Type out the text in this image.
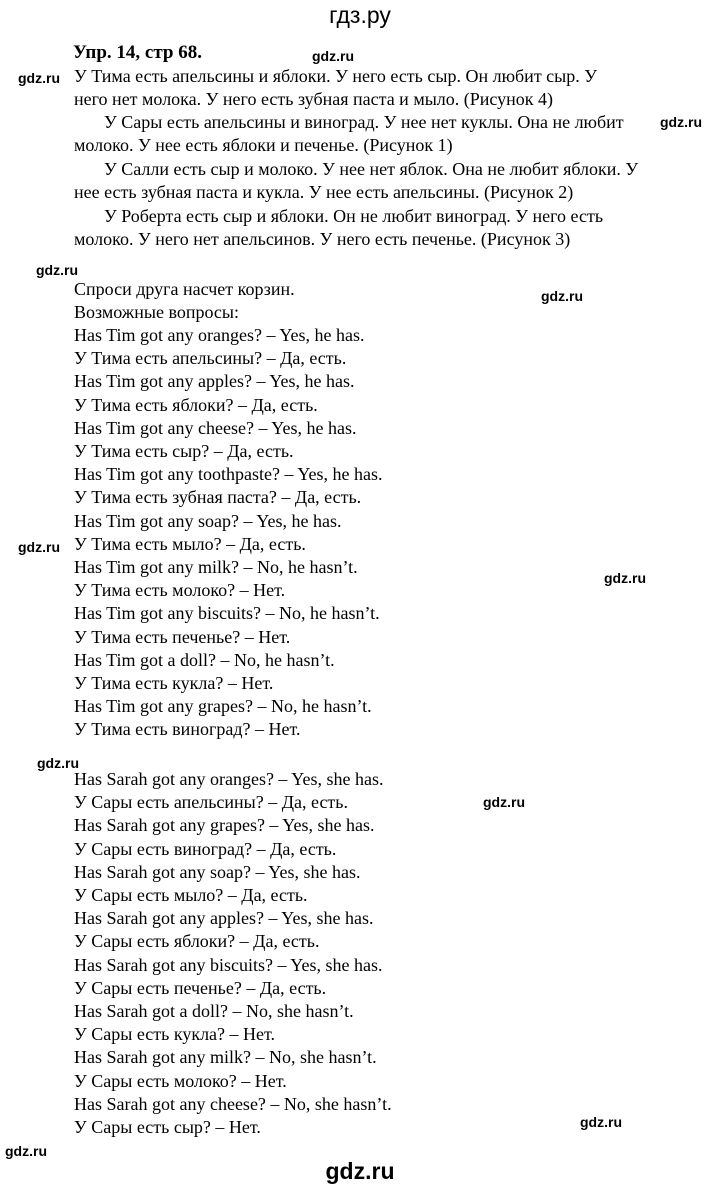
гдз.ру
gdz.ru
gdz.ru
gdz.ru
gdz.ru
gdz.ru
gdz.ru
gdz.ru
gdz.ru
gdz.ru
gdz.ru
gdz.ru
Упр. 14, стр 68.
У Тима есть апельсины и яблоки. У него есть сыр. Он любит сыр. У
него нет молока. У него есть зубная паста и мыло. (Рисунок 4)
У Сары есть апельсины и виноград. У нее нет куклы. Она не любит
молоко. У нее есть яблоки и печенье. (Рисунок 1)
У Салли есть сыр и молоко. У нее нет яблок. Она не любит яблоки. У
нее есть зубная паста и кукла. У нее есть апельсины. (Рисунок 2)
У Роберта есть сыр и яблоки. Он не любит виноград. У него есть
молоко. У него нет апельсинов. У него есть печенье. (Рисунок 3)
Спроси друга насчет корзин.
Возможные вопросы:
Has Tim got any oranges? – Yes, he has.
У Тима есть апельсины? – Да, есть.
Has Tim got any apples? – Yes, he has.
У Тима есть яблоки? – Да, есть.
Has Tim got any cheese? – Yes, he has.
У Тима есть сыр? – Да, есть.
Has Tim got any toothpaste? – Yes, he has.
У Тима есть зубная паста? – Да, есть.
Has Tim got any soap? – Yes, he has.
У Тима есть мыло? – Да, есть.
Has Tim got any milk? – No, he hasn’t.
У Тима есть молоко? – Нет.
Has Tim got any biscuits? – No, he hasn’t.
У Тима есть печенье? – Нет.
Has Tim got a doll? – No, he hasn’t.
У Тима есть кукла? – Нет.
Has Tim got any grapes? – No, he hasn’t.
У Тима есть виноград? – Нет.
Has Sarah got any oranges? – Yes, she has.
У Сары есть апельсины? – Да, есть.
Has Sarah got any grapes? – Yes, she has.
У Сары есть виноград? – Да, есть.
Has Sarah got any soap? – Yes, she has.
У Сары есть мыло? – Да, есть.
Has Sarah got any apples? – Yes, she has.
У Сары есть яблоки? – Да, есть.
Has Sarah got any biscuits? – Yes, she has.
У Сары есть печенье? – Да, есть.
Has Sarah got a doll? – No, she hasn’t.
У Сары есть кукла? – Нет.
Has Sarah got any milk? – No, she hasn’t.
У Сары есть молоко? – Нет.
Has Sarah got any cheese? – No, she hasn’t.
У Сары есть сыр? – Нет.
gdz.ru
